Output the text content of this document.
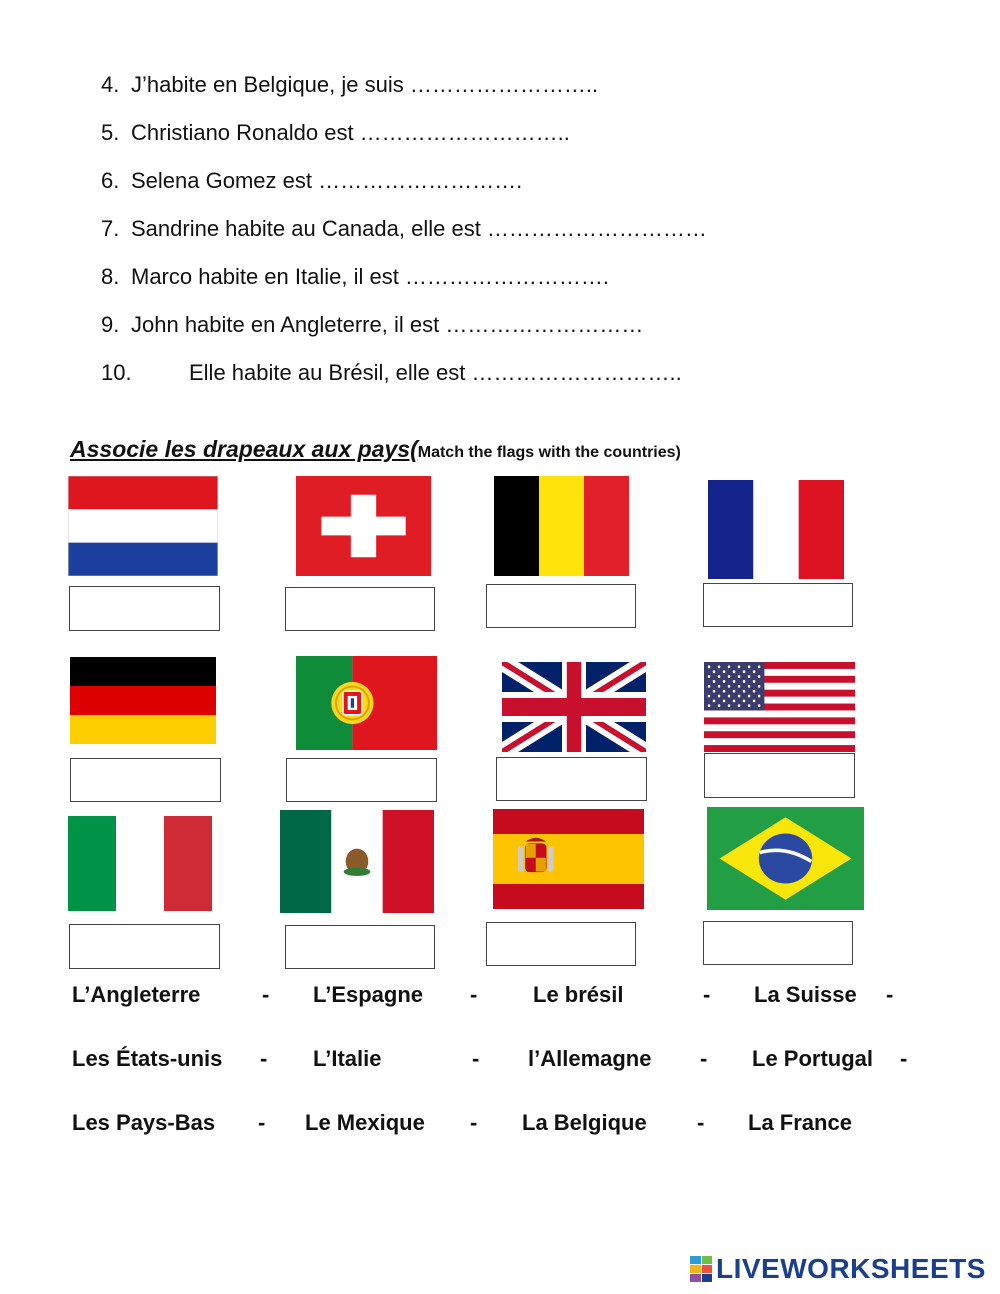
4. J’habite en Belgique, je suis ……………………..
5. Christiano Ronaldo est ………………………..
6. Selena Gomez est ……………………….
7. Sandrine habite au Canada, elle est …………………………
8. Marco habite en Italie, il est ……………………….
9. John habite en Angleterre, il est ………………………
10.	Elle habite au Brésil, elle est ………………………..
Associe les drapeaux aux pays(Match the flags with the countries)
L’Angleterre	- L’Espagne -	Le brésil	- La Suisse -
Les États-unis - L’Italie	- l’Allemagne - Le Portugal -
Les Pays-Bas - Le Mexique - La Belgique - La France
LIVEWORKSHEETS
